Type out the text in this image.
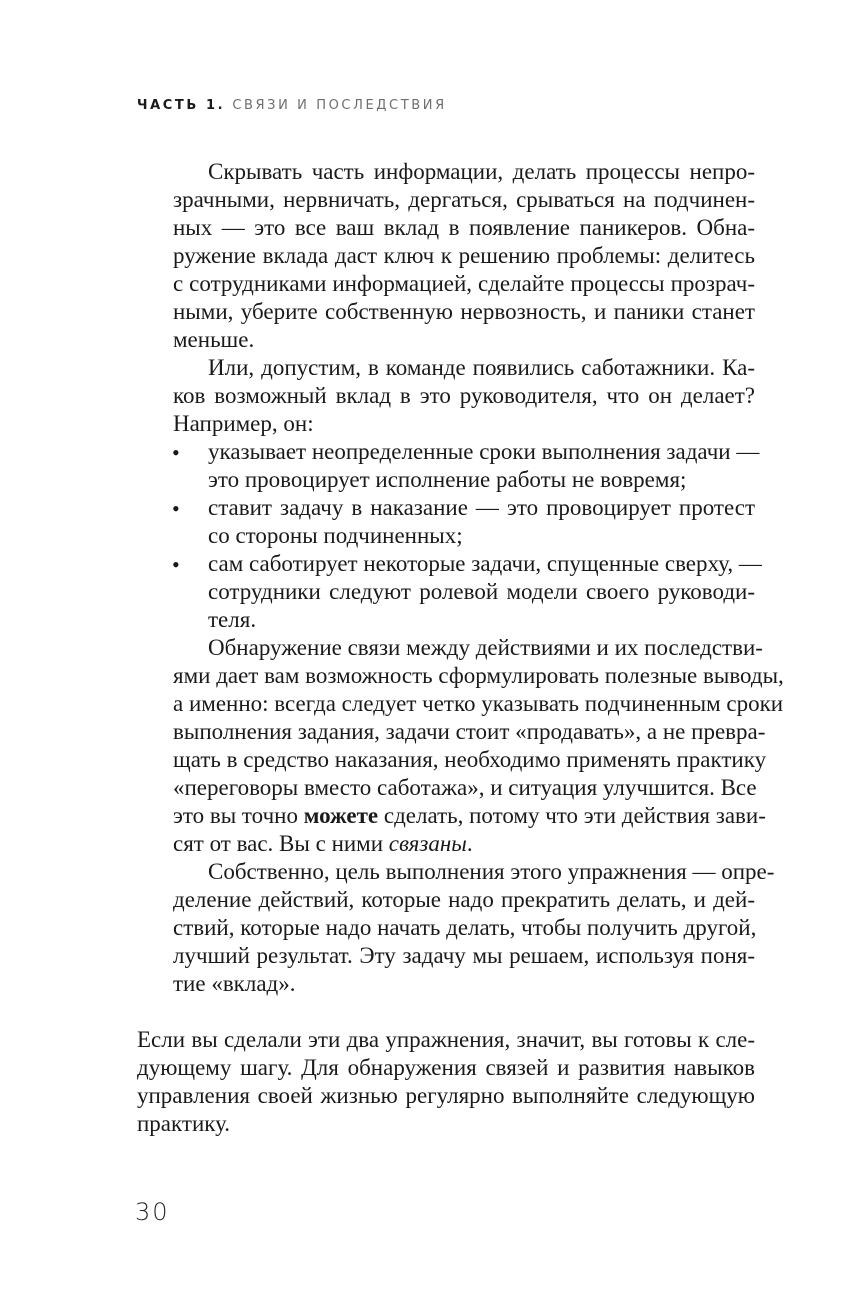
ЧАСТЬ 1. СВЯЗИ И ПОСЛЕДСТВИЯ
Скрывать часть информации, делать процессы непро-
зрачными, нервничать, дергаться, срываться на подчинен-
ных — это все ваш вклад в появление паникеров. Обна-
ружение вклада даст ключ к решению проблемы: делитесь
с сотрудниками информацией, сделайте процессы прозрач-
ными, уберите собственную нервозность, и паники станет
меньше.
Или, допустим, в команде появились саботажники. Ка-
ков возможный вклад в это руководителя, что он делает?
Например, он:
• указывает неопределенные сроки выполнения задачи —
это провоцирует исполнение работы не вовремя;
• ставит задачу в наказание — это провоцирует протест
со стороны подчиненных;
• сам саботирует некоторые задачи, спущенные сверху, —
сотрудники следуют ролевой модели своего руководи-
теля.
Обнаружение связи между действиями и их последстви-
ями дает вам возможность сформулировать полезные выводы,
а именно: всегда следует четко указывать подчиненным сроки
выполнения задания, задачи стоит «продавать», а не превра-
щать в средство наказания, необходимо применять практику
«переговоры вместо саботажа», и ситуация улучшится. Все
это вы точно можете сделать, потому что эти действия зави-
сят от вас. Вы с ними связаны.
Собственно, цель выполнения этого упражнения — опре-
деление действий, которые надо прекратить делать, и дей-
ствий, которые надо начать делать, чтобы получить другой,
лучший результат. Эту задачу мы решаем, используя поня-
тие «вклад».
Если вы сделали эти два упражнения, значит, вы готовы к сле-
дующему шагу. Для обнаружения связей и развития навыков
управления своей жизнью регулярно выполняйте следующую
практику.
30
